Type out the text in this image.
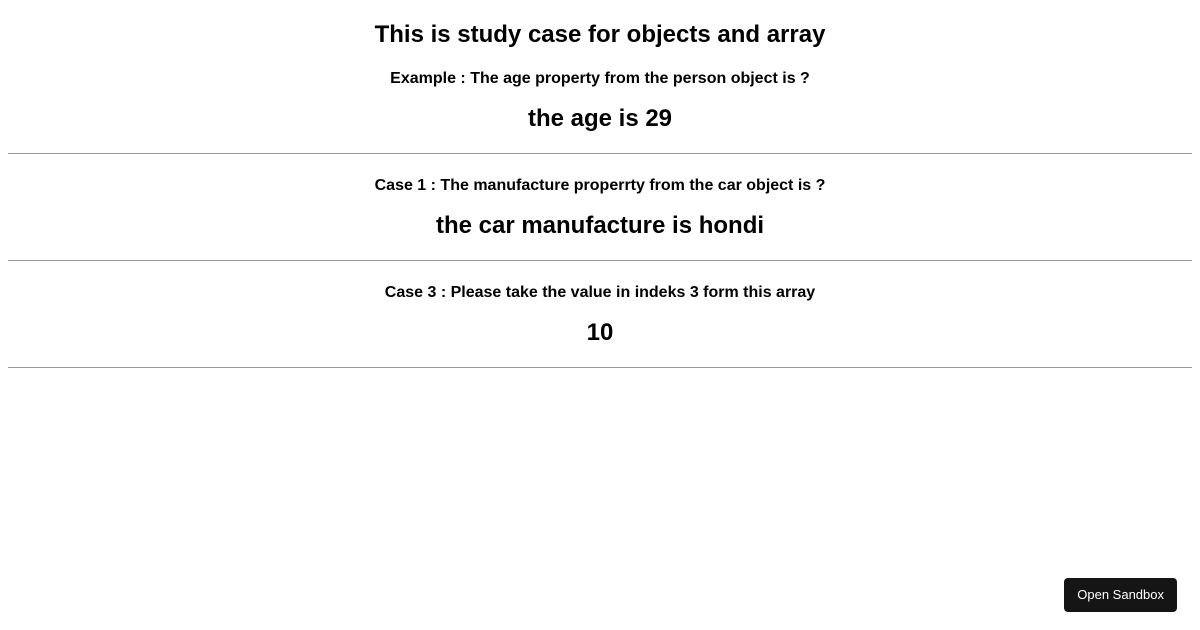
This is study case for objects and array
Example : The age property from the person object is ?
the age is 29
Case 1 : The manufacture properrty from the car object is ?
the car manufacture is hondi
Case 3 : Please take the value in indeks 3 form this array
10
Open Sandbox
